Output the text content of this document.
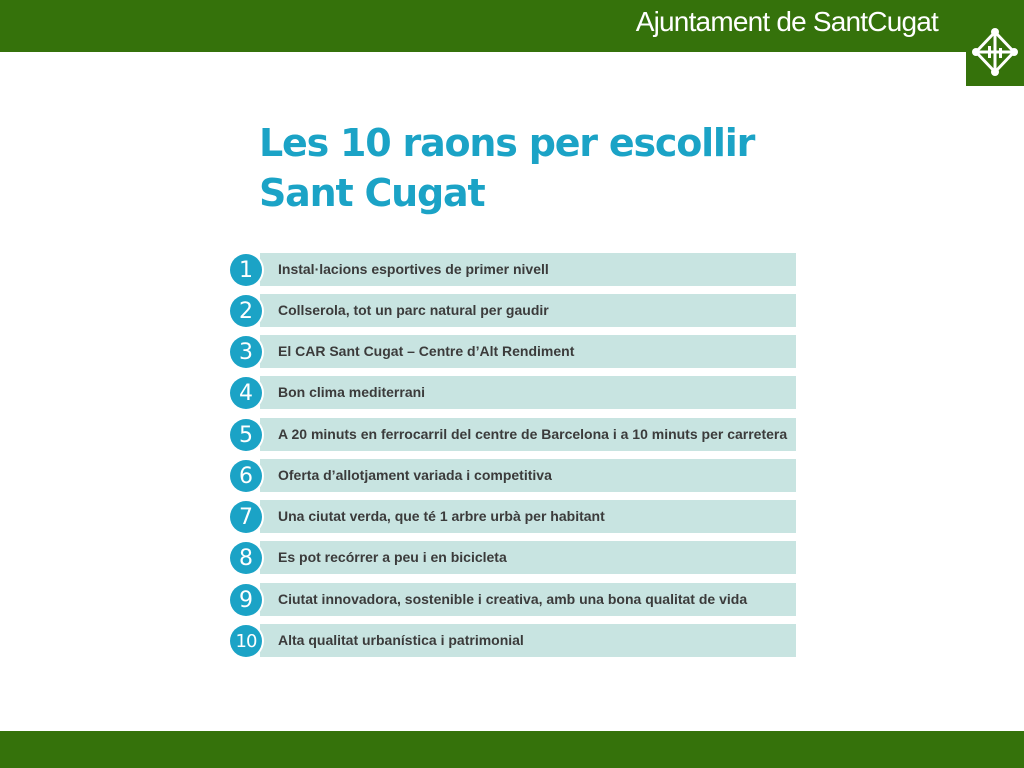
Ajuntament de SantCugat
Les 10 raons per escollir
Sant Cugat
1	Instal·lacions esportives de primer nivell
2	Collserola, tot un parc natural per gaudir
3	El CAR Sant Cugat – Centre d’Alt Rendiment
4	Bon clima mediterrani
5	A 20 minuts en ferrocarril del centre de Barcelona i a 10 minuts per carretera
6	Oferta d’allotjament variada i competitiva
7	Una ciutat verda, que té 1 arbre urbà per habitant
8	Es pot recórrer a peu i en bicicleta
9	Ciutat innovadora, sostenible i creativa, amb una bona qualitat de vida
10	Alta qualitat urbanística i patrimonial
